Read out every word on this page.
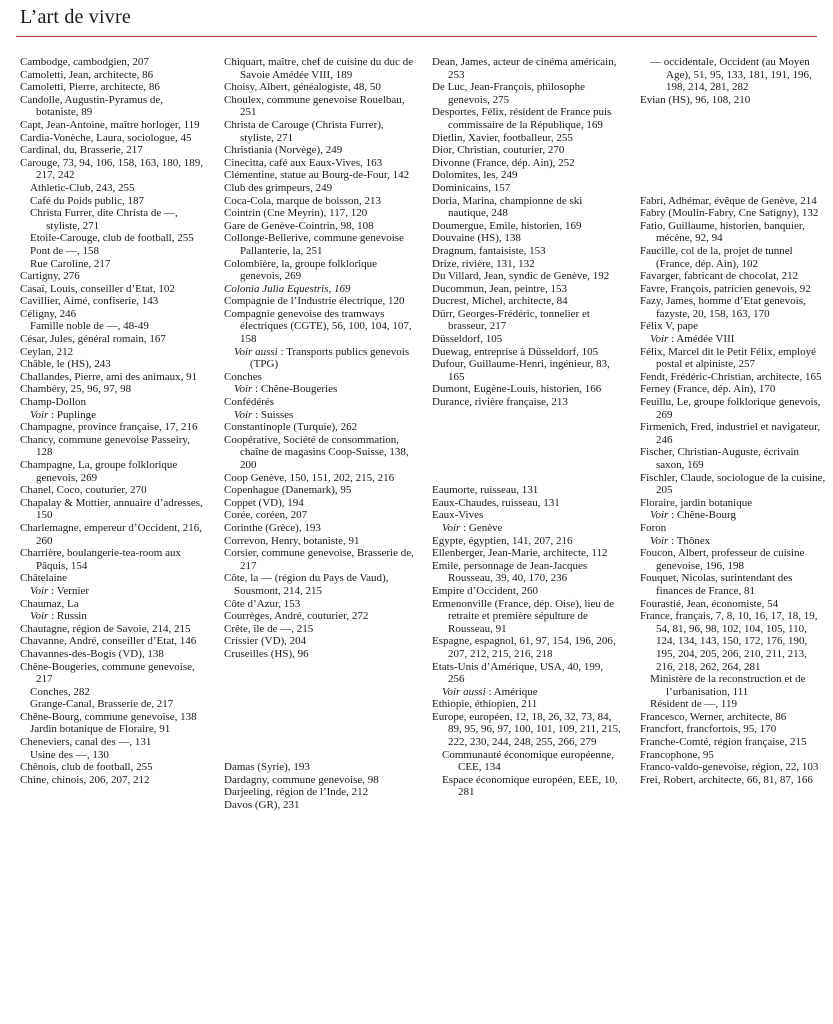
L’art de vivre
Cambodge, cambodgien, 207
Camoletti, Jean, architecte, 86
Camoletti, Pierre, architecte, 86
Candolle, Augustin-Pyramus de, botaniste, 89
Capt, Jean-Antoine, maître horloger, 119
Cardia-Vonèche, Laura, sociologue, 45
Cardinal, du, Brasserie, 217
Carouge, 73, 94, 106, 158, 163, 180, 189, 217, 242
Athletic-Club, 243, 255
Café du Poids public, 187
Christa Furrer, dite Christa de —, styliste, 271
Etoile-Carouge, club de football, 255
Pont de —, 158
Rue Caroline, 217
Cartigny, 276
Casaï, Louis, conseiller d’Etat, 102
Cavillier, Aimé, confiserie, 143
Céligny, 246
Famille noble de —, 48-49
César, Jules, général romain, 167
Ceylan, 212
Châble, le (HS), 243
Challandes, Pierre, ami des animaux, 91
Chambéry, 25, 96, 97, 98
Champ-Dollon
Voir : Puplinge
Champagne, province française, 17, 216
Chancy, commune genevoise Passeiry, 128
Champagne, La, groupe folklorique genevois, 269
Chanel, Coco, couturier, 270
Chapalay & Mottier, annuaire d’adresses, 150
Charlemagne, empereur d’Occident, 216, 260
Charrière, boulangerie-tea-room aux Pâquis, 154
Châtelaine
Voir : Vernier
Chaumaz, La
Voir : Russin
Chautagne, région de Savoie, 214, 215
Chavanne, André, conseiller d’Etat, 146
Chavannes-des-Bogis (VD), 138
Chêne-Bougeries, commune genevoise, 217
Conches, 282
Grange-Canal, Brasserie de, 217
Chêne-Bourg, commune genevoise, 138
Jardin botanique de Floraire, 91
Cheneviers, canal des —, 131
Usine des —, 130
Chênois, club de football, 255
Chine, chinois, 206, 207, 212
Chiquart, maître, chef de cuisine du duc de Savoie Amédée VIII, 189
Choisy, Albert, généalogiste, 48, 50
Choulex, commune genevoise Rouelbau, 251
Christa de Carouge (Christa Furrer), styliste, 271
Christiania (Norvège), 249
Cinecitta, café aux Eaux-Vives, 163
Clémentine, statue au Bourg-de-Four, 142
Club des grimpeurs, 249
Coca-Cola, marque de boisson, 213
Cointrin (Cne Meyrin), 117, 120
Gare de Genève-Cointrin, 98, 108
Collonge-Bellerive, commune genevoise Pallanterie, la, 251
Colombière, la, groupe folklorique genevois, 269
Colonia Julia Equestris, 169
Compagnie de l’Industrie électrique, 120
Compagnie genevoise des tramways électriques (CGTE), 56, 100, 104, 107, 158
Voir aussi : Transports publics genevois (TPG)
Conches
Voir : Chêne-Bougeries
Confédérés
Voir : Suisses
Constantinople (Turquie), 262
Coopérative, Société de consommation, chaîne de magasins Coop-Suisse, 138, 200
Coop Genève, 150, 151, 202, 215, 216
Copenhague (Danemark), 95
Coppet (VD), 194
Corée, coréen, 207
Corinthe (Grèce), 193
Correvon, Henry, botaniste, 91
Corsier, commune genevoise, Brasserie de, 217
Côte, la — (région du Pays de Vaud),
Sousmont, 214, 215
Côte d’Azur, 153
Courrèges, André, couturier, 272
Crête, île de —, 215
Crissier (VD), 204
Cruseilles (HS), 96
Damas (Syrie), 193
Dardagny, commune genevoise, 98
Darjeeling, région de l’Inde, 212
Davos (GR), 231
Dean, James, acteur de cinéma américain, 253
De Luc, Jean-François, philosophe genevois, 275
Desportes, Félix, résident de France puis commissaire de la République, 169
Dietlin, Xavier, footballeur, 255
Dior, Christian, couturier, 270
Divonne (France, dép. Ain), 252
Dolomites, les, 249
Dominicains, 157
Doria, Marina, championne de ski nautique, 248
Doumergue, Emile, historien, 169
Douvaine (HS), 138
Dragnum, fantaisiste, 153
Drize, rivière, 131, 132
Du Villard, Jean, syndic de Genève, 192
Ducommun, Jean, peintre, 153
Ducrest, Michel, architecte, 84
Dürr, Georges-Frédéric, tonnelier et brasseur, 217
Düsseldorf, 105
Duewag, entreprise à Düsseldorf, 105
Dufour, Guillaume-Henri, ingénieur, 83, 165
Dumont, Eugène-Louis, historien, 166
Durance, rivière française, 213
Eaumorte, ruisseau, 131
Eaux-Chaudes, ruisseau, 131
Eaux-Vives
Voir : Genève
Egypte, égyptien, 141, 207, 216
Ellenberger, Jean-Marie, architecte, 112
Emile, personnage de Jean-Jacques Rousseau, 39, 40, 170, 236
Empire d’Occident, 260
Ermenonville (France, dép. Oise), lieu de retraite et première sépulture de Rousseau, 91
Espagne, espagnol, 61, 97, 154, 196, 206, 207, 212, 215, 216, 218
Etats-Unis d’Amérique, USA, 40, 199, 256
Voir aussi : Amérique
Ethiopie, éthiopien, 211
Europe, européen, 12, 18, 26, 32, 73, 84, 89, 95, 96, 97, 100, 101, 109, 211, 215, 222, 230, 244, 248, 255, 266, 279
Communauté économique européenne, CEE, 134
Espace économique européen, EEE, 10, 281
— occidentale, Occident (au Moyen Age), 51, 95, 133, 181, 191, 196, 198, 214, 281, 282
Evian (HS), 96, 108, 210
Fabri, Adhémar, évêque de Genève, 214
Fabry (Moulin-Fabry, Cne Satigny), 132
Fatio, Guillaume, historien, banquier, mécène, 92, 94
Faucille, col de la, projet de tunnel (France, dép. Ain), 102
Favarger, fabricant de chocolat, 212
Favre, François, patricien genevois, 92
Fazy, James, homme d’Etat genevois, fazyste, 20, 158, 163, 170
Félix V, pape
Voir : Amédée VIII
Félix, Marcel dit le Petit Félix, employé postal et alpiniste, 257
Fendt, Frédéric-Christian, architecte, 165
Ferney (France, dép. Ain), 170
Feuillu, Le, groupe folklorique genevois, 269
Firmenich, Fred, industriel et navigateur, 246
Fischer, Christian-Auguste, écrivain saxon, 169
Fischler, Claude, sociologue de la cuisine, 205
Floraire, jardin botanique
Voir : Chêne-Bourg
Foron
Voir : Thônex
Foucon, Albert, professeur de cuisine genevoise, 196, 198
Fouquet, Nicolas, surintendant des finances de France, 81
Fourastié, Jean, économiste, 54
France, français, 7, 8, 10, 16, 17, 18, 19, 54, 81, 96, 98, 102, 104, 105, 110, 124, 134, 143, 150, 172, 176, 190, 195, 204, 205, 206, 210, 211, 213, 216, 218, 262, 264, 281
Ministère de la reconstruction et de l’urbanisation, 111
Résident de —, 119
Francesco, Werner, architecte, 86
Francfort, francfortois, 95, 170
Franche-Comté, région française, 215
Francophone, 95
Franco-valdo-genevoise, région, 22, 103
Frei, Robert, architecte, 66, 81, 87, 166
